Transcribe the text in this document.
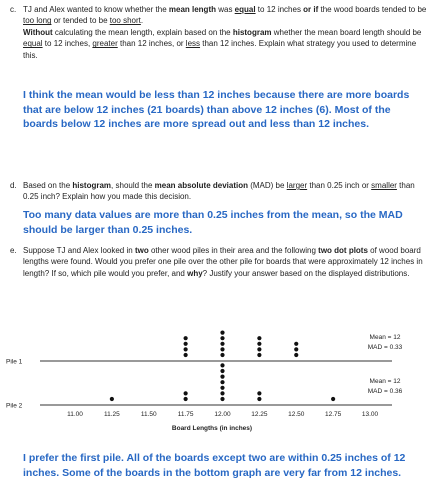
c. TJ and Alex wanted to know whether the mean length was equal to 12 inches or if the wood boards tended to be too long or tended to be too short.
Without calculating the mean length, explain based on the histogram whether the mean board length should be equal to 12 inches, greater than 12 inches, or less than 12 inches. Explain what strategy you used to determine this.
I think the mean would be less than 12 inches because there are more boards that are below 12 inches (21 boards) than above 12 inches (6). Most of the boards below 12 inches are more spread out and less than 12 inches.
d. Based on the histogram, should the mean absolute deviation (MAD) be larger than 0.25 inch or smaller than 0.25 inch? Explain how you made this decision.
Too many data values are more than 0.25 inches from the mean, so the MAD should be larger than 0.25 inches.
e. Suppose TJ and Alex looked in two other wood piles in their area and the following two dot plots of wood board lengths were found. Would you prefer one pile over the other pile for boards that were approximately 12 inches in length? If so, which pile would you prefer, and why? Justify your answer based on the displayed distributions.
Pile 1
Mean = 12
MAD = 0.33
Pile 2
Mean = 12
MAD = 0.36
11.00	11.25	11.50	11.75	12.00	12.25	12.50	12.75	13.00
Board Lengths (in inches)
I prefer the first pile. All of the boards except two are within 0.25 inches of 12 inches. Some of the boards in the bottom graph are very far from 12 inches.
